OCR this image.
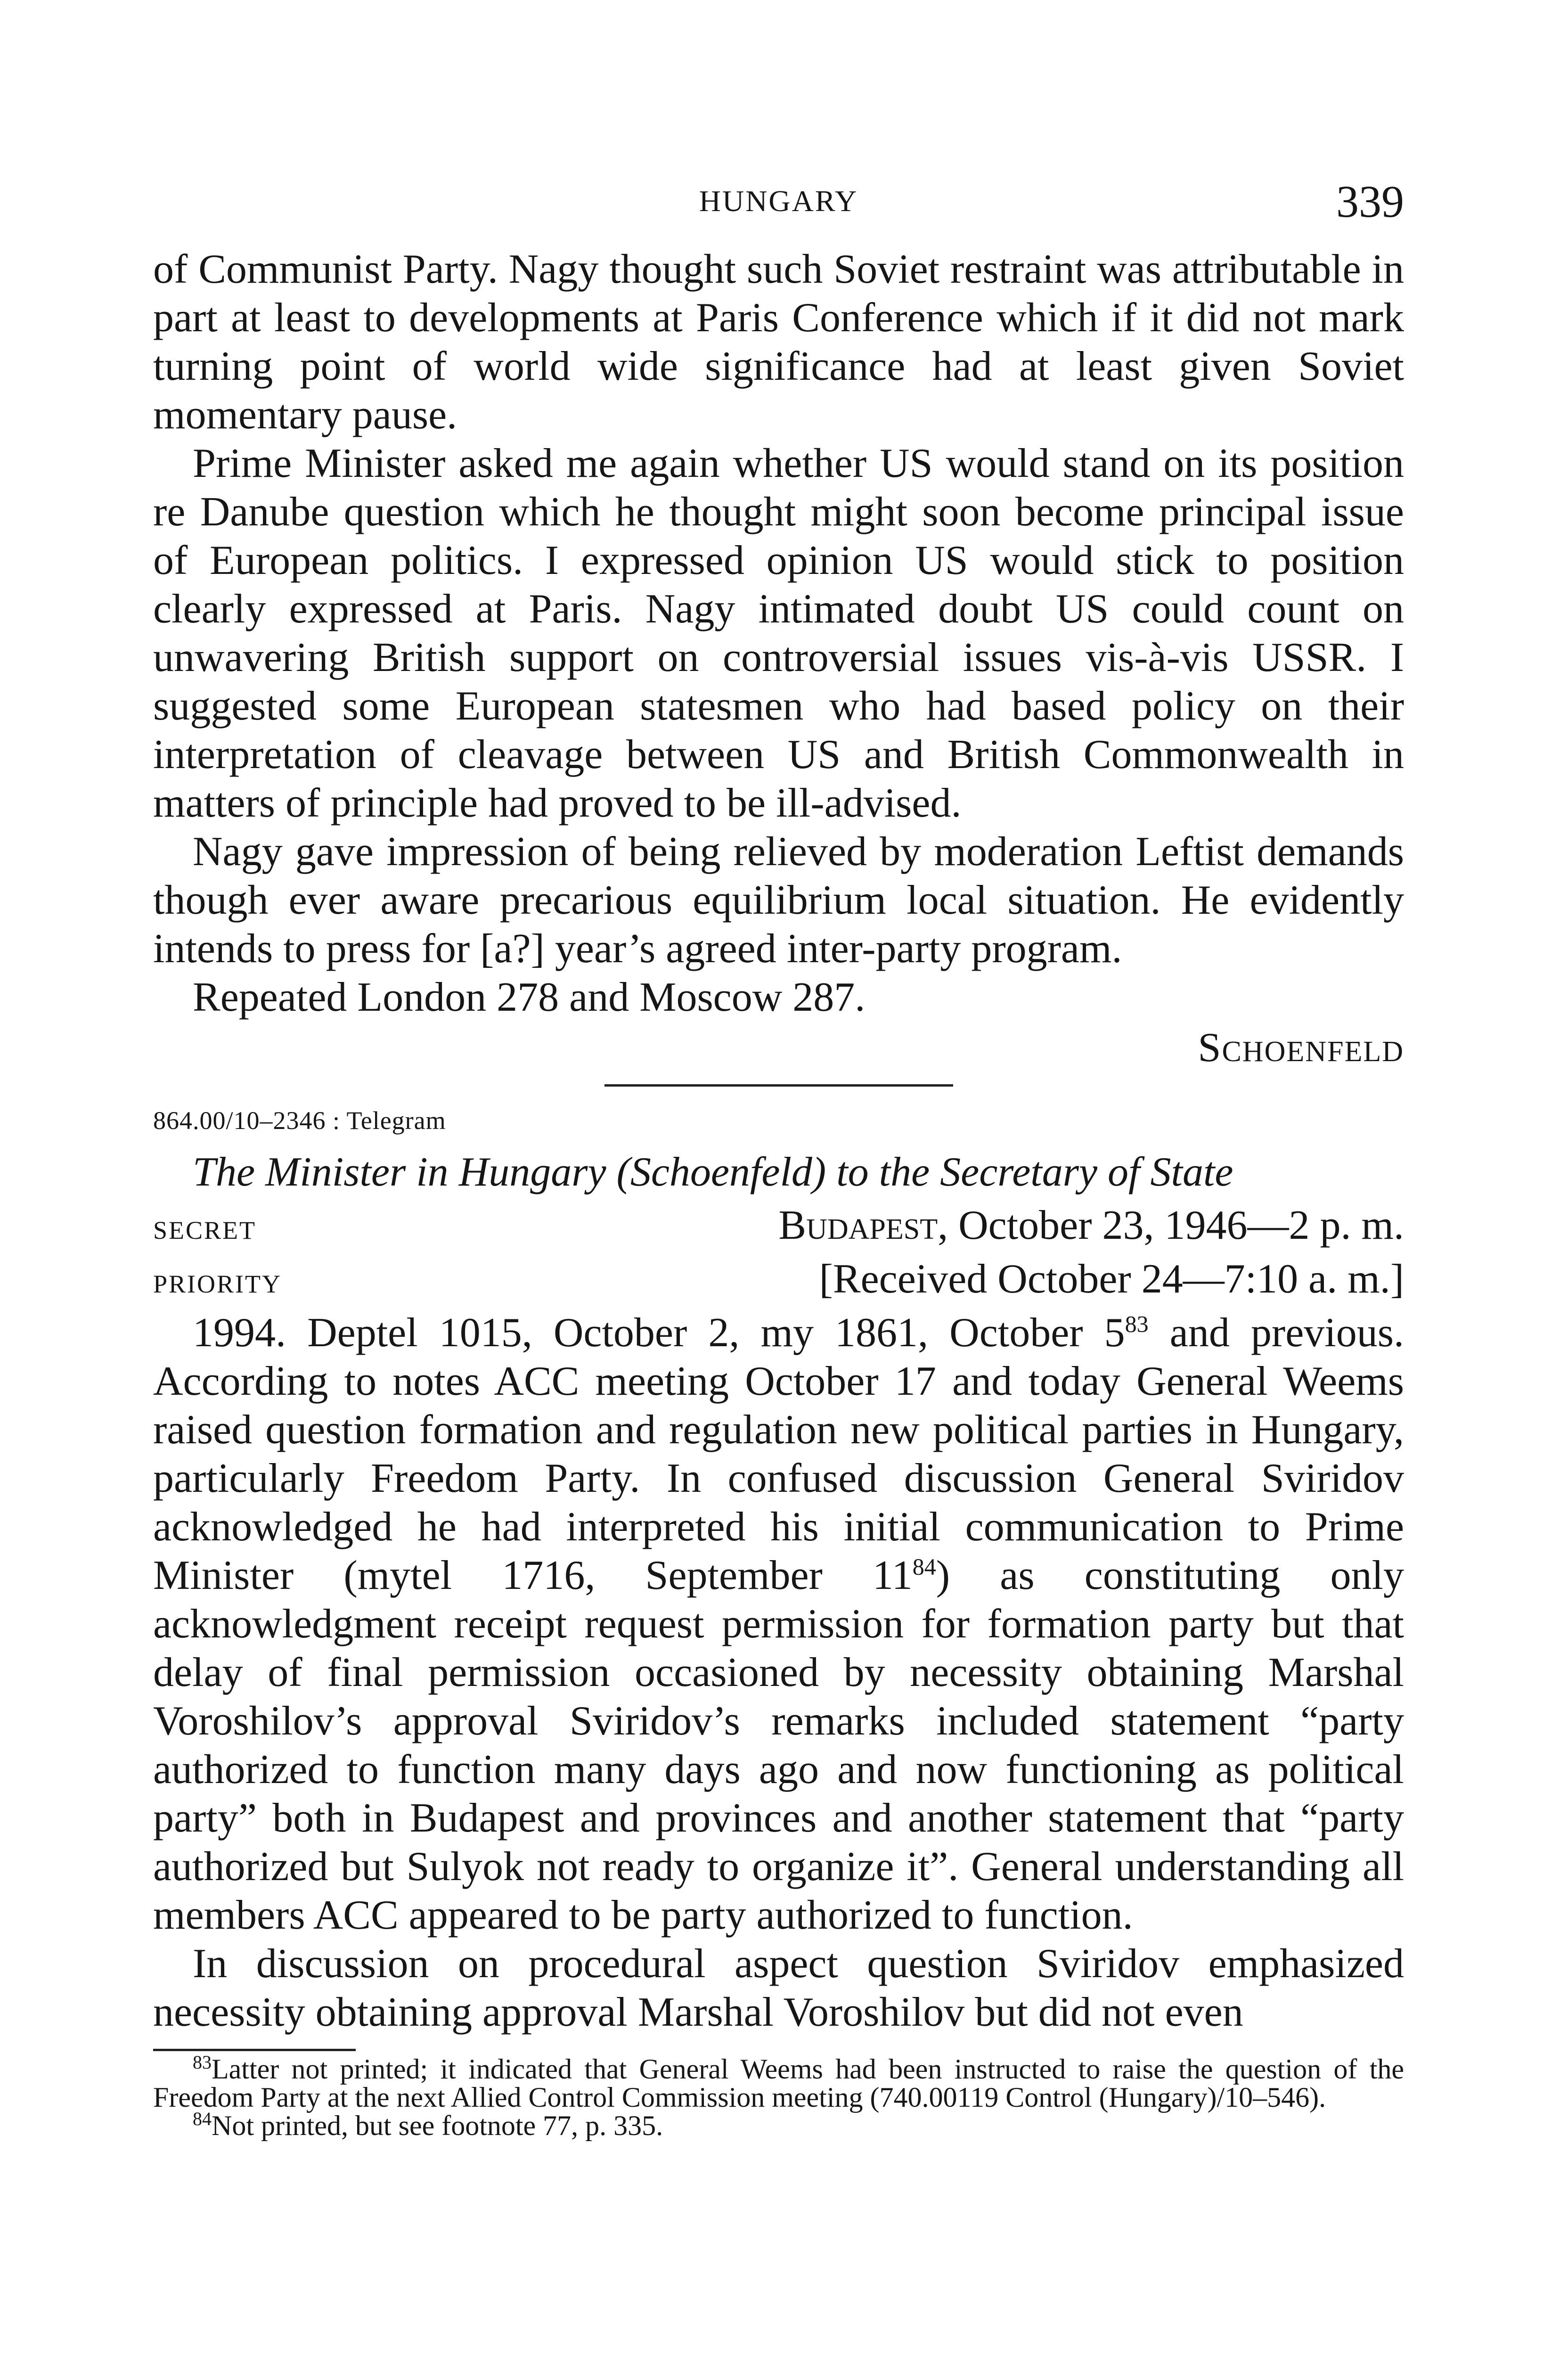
HUNGARY	339

of Communist Party. Nagy thought such Soviet restraint was attributable in part at least to developments at Paris Conference which if it did not mark turning point of world wide significance had at least given Soviet momentary pause.

Prime Minister asked me again whether US would stand on its position re Danube question which he thought might soon become principal issue of European politics. I expressed opinion US would stick to position clearly expressed at Paris. Nagy intimated doubt US could count on unwavering British support on controversial issues vis-à-vis USSR. I suggested some European statesmen who had based policy on their interpretation of cleavage between US and British Commonwealth in matters of principle had proved to be ill-advised.

Nagy gave impression of being relieved by moderation Leftist demands though ever aware precarious equilibrium local situation. He evidently intends to press for [a?] year’s agreed inter-party program.

Repeated London 278 and Moscow 287.

Schoenfeld

864.00/10–2346 : Telegram
The Minister in Hungary (Schoenfeld) to the Secretary of State
SECRET	Budapest, October 23, 1946—2 p. m.
PRIORITY	[Received October 24—7:10 a. m.]

1994. Deptel 1015, October 2, my 1861, October $5^{83}$ and previous. According to notes ACC meeting October 17 and today General Weems raised question formation and regulation new political parties in Hungary, particularly Freedom Party. In confused discussion General Sviridov acknowledged he had interpreted his initial communication to Prime Minister (mytel 1716, September $11^{84}$) as constituting only acknowledgment receipt request permission for formation party but that delay of final permission occasioned by necessity obtaining Marshal Voroshilov’s approval Sviridov’s remarks included statement “party authorized to function many days ago and now functioning as political party” both in Budapest and provinces and another statement that “party authorized but Sulyok not ready to organize it”. General understanding all members ACC appeared to be party authorized to function.

In discussion on procedural aspect question Sviridov emphasized necessity obtaining approval Marshal Voroshilov but did not even

$^{83}$Latter not printed; it indicated that General Weems had been instructed to raise the question of the Freedom Party at the next Allied Control Commission meeting (740.00119 Control (Hungary)/10–546).

$^{84}$Not printed, but see footnote 77, p. 335.
